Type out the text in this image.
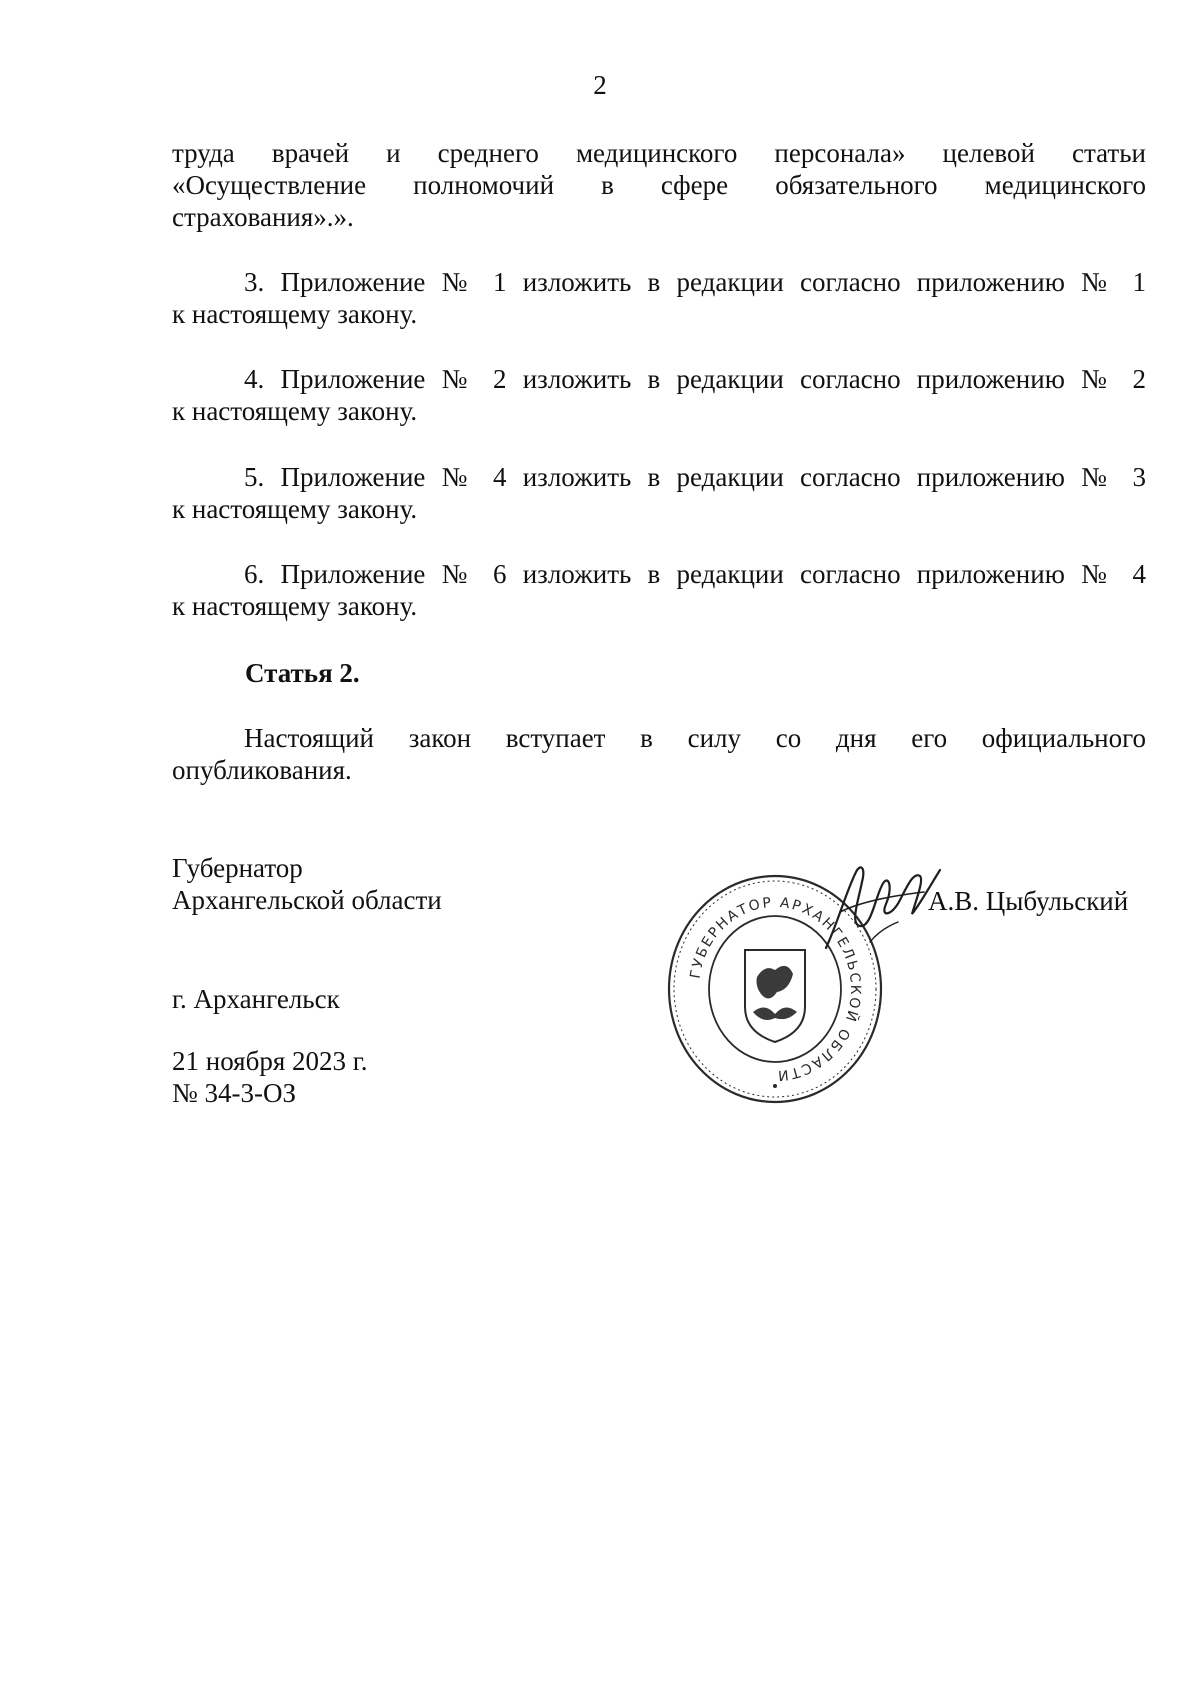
2
труда врачей и среднего медицинского персонала» целевой статьи
«Осуществление полномочий в сфере обязательного медицинского
страхования».».
3. Приложение № 1 изложить в редакции согласно приложению № 1
к настоящему закону.
4. Приложение № 2 изложить в редакции согласно приложению № 2
к настоящему закону.
5. Приложение № 4 изложить в редакции согласно приложению № 3
к настоящему закону.
6. Приложение № 6 изложить в редакции согласно приложению № 4
к настоящему закону.
Статья 2.
Настоящий закон вступает в силу со дня его официального
опубликования.
Губернатор
Архангельской области
ГУБЕРНАТОР АРХАНГЕЛЬСКОЙ ОБЛАСТИ
А.В. Цыбульский
г. Архангельск
21 ноября 2023 г.
№ 34-3-ОЗ
